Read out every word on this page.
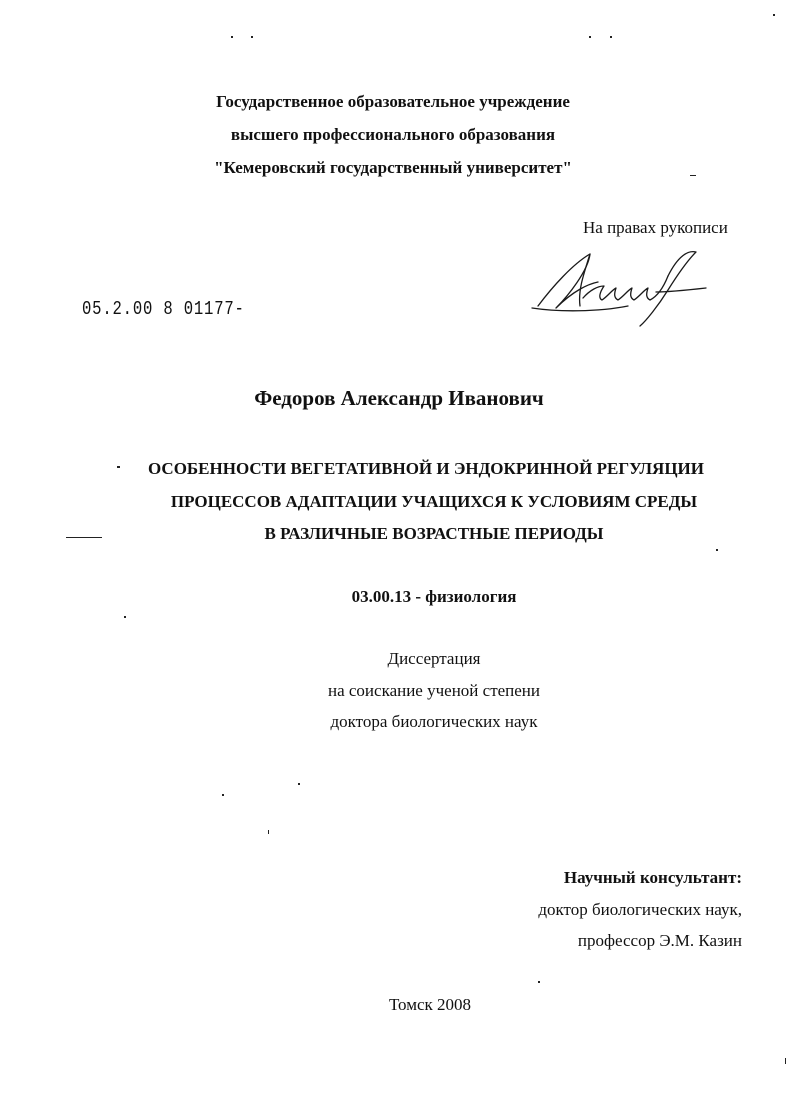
Государственное образовательное учреждение
высшего профессионального образования
"Кемеровский государственный университет"
На правах рукописи
05.2.00 8 01177-
Федоров Александр Иванович
ОСОБЕННОСТИ ВЕГЕТАТИВНОЙ И ЭНДОКРИННОЙ РЕГУЛЯЦИИ
ПРОЦЕССОВ АДАПТАЦИИ УЧАЩИХСЯ К УСЛОВИЯМ СРЕДЫ
В РАЗЛИЧНЫЕ ВОЗРАСТНЫЕ ПЕРИОДЫ
03.00.13 - физиология
Диссертация
на соискание ученой степени
доктора биологических наук
Научный консультант:
доктор биологических наук,
профессор Э.М. Казин
Томск 2008
